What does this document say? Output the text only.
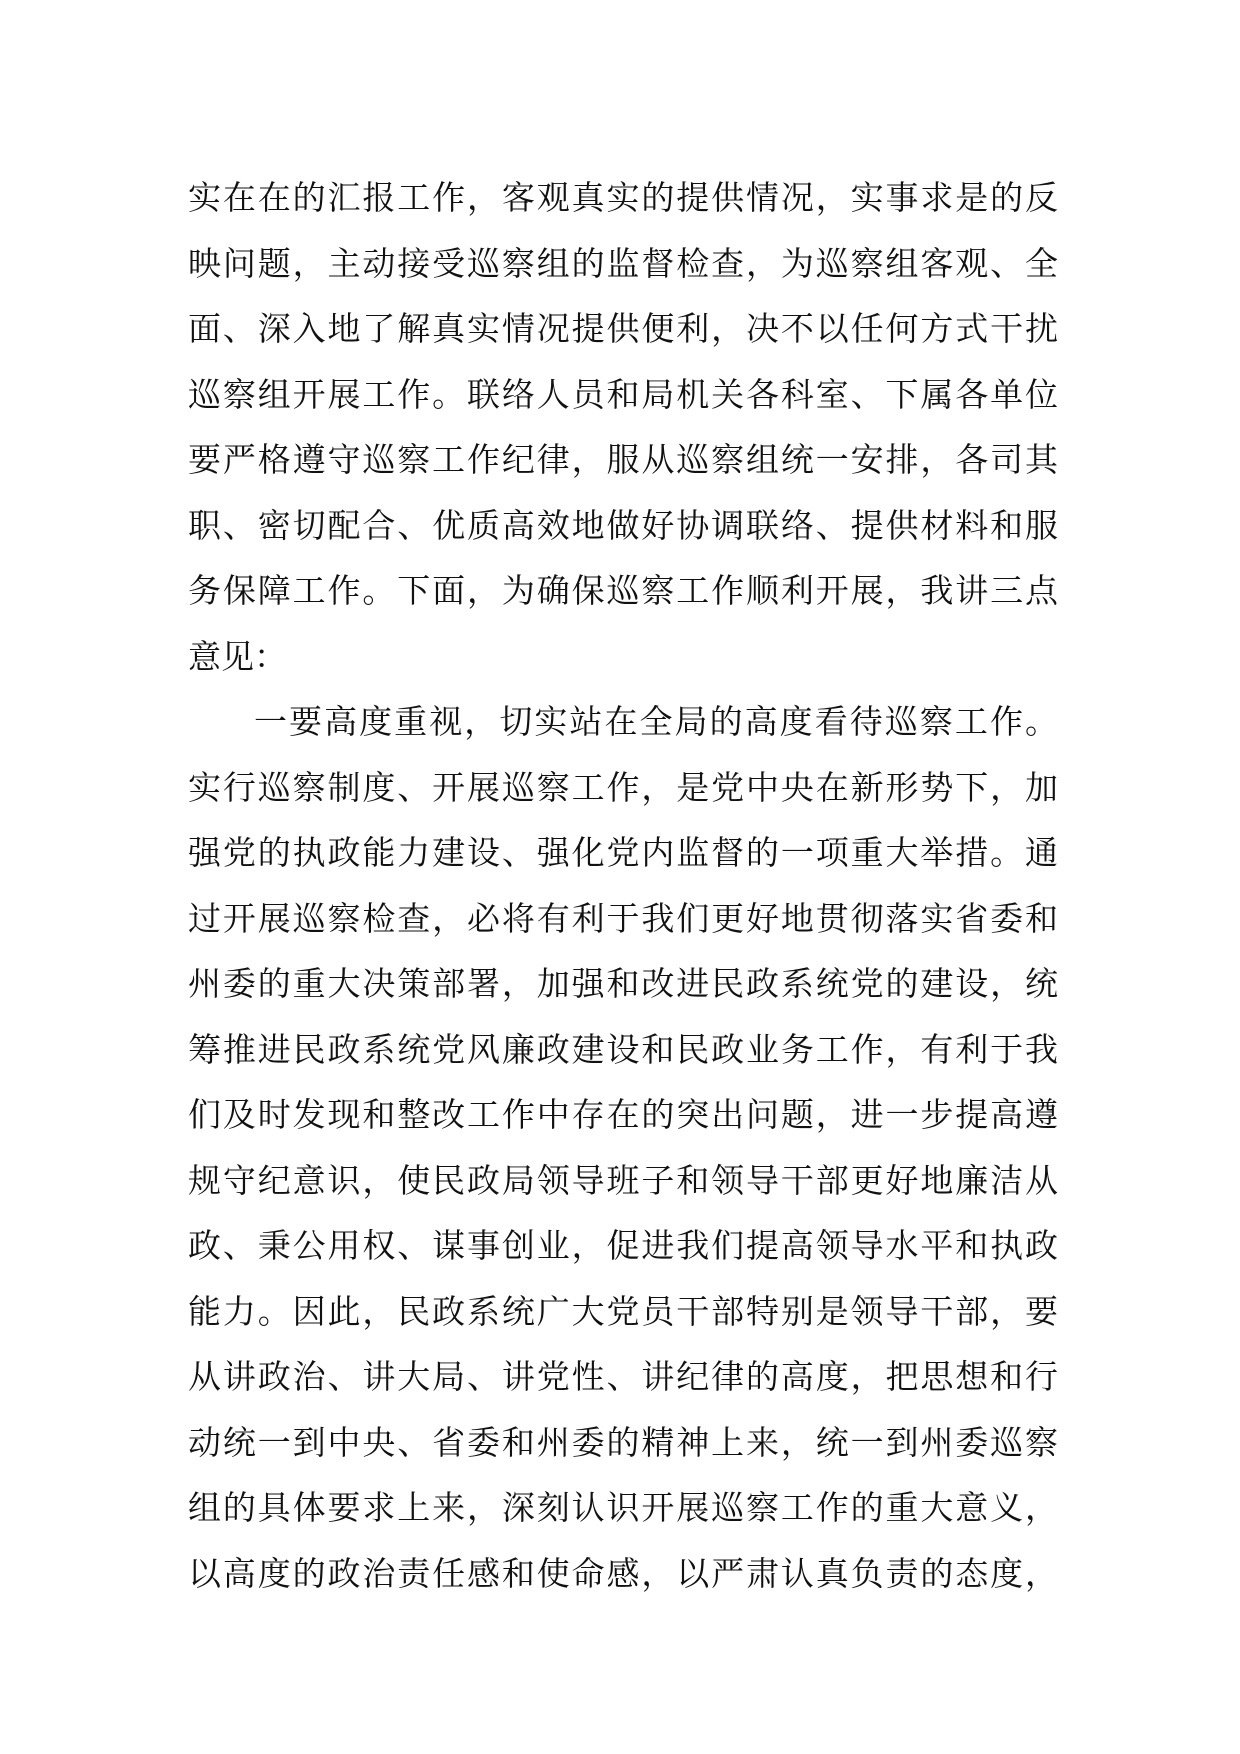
实在在的汇报工作，客观真实的提供情况，实事求是的反
映问题，主动接受巡察组的监督检查，为巡察组客观、全
面、深入地了解真实情况提供便利，决不以任何方式干扰
巡察组开展工作。联络人员和局机关各科室、下属各单位
要严格遵守巡察工作纪律，服从巡察组统一安排，各司其
职、密切配合、优质高效地做好协调联络、提供材料和服
务保障工作。下面，为确保巡察工作顺利开展，我讲三点
意见：
一要高度重视，切实站在全局的高度看待巡察工作。
实行巡察制度、开展巡察工作，是党中央在新形势下，加
强党的执政能力建设、强化党内监督的一项重大举措。通
过开展巡察检查，必将有利于我们更好地贯彻落实省委和
州委的重大决策部署，加强和改进民政系统党的建设，统
筹推进民政系统党风廉政建设和民政业务工作，有利于我
们及时发现和整改工作中存在的突出问题，进一步提高遵
规守纪意识，使民政局领导班子和领导干部更好地廉洁从
政、秉公用权、谋事创业，促进我们提高领导水平和执政
能力。因此，民政系统广大党员干部特别是领导干部，要
从讲政治、讲大局、讲党性、讲纪律的高度，把思想和行
动统一到中央、省委和州委的精神上来，统一到州委巡察
组的具体要求上来，深刻认识开展巡察工作的重大意义，
以高度的政治责任感和使命感，以严肃认真负责的态度，
